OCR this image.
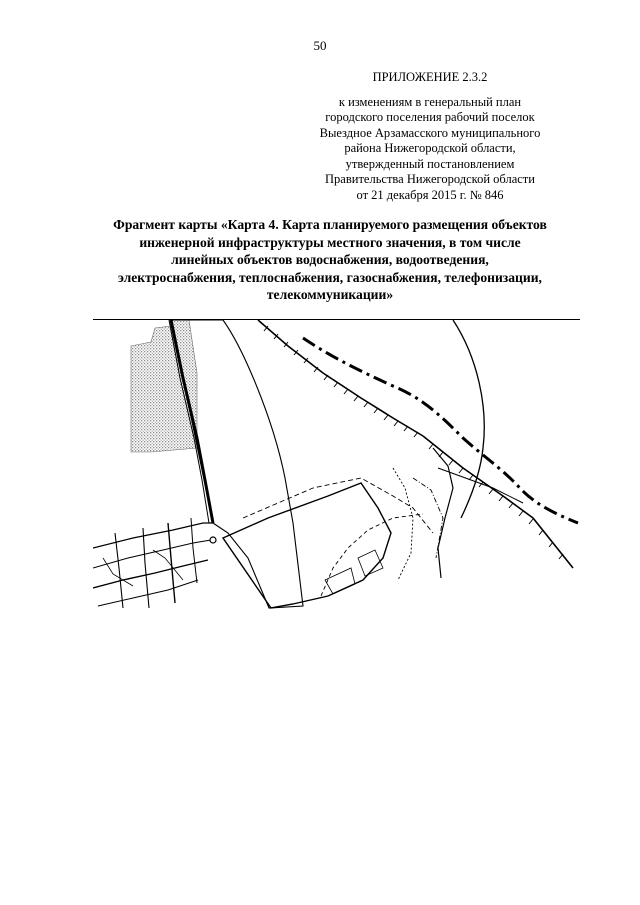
50
ПРИЛОЖЕНИЕ 2.3.2
к изменениям в генеральный план
городского поселения рабочий поселок
Выездное Арзамасского муниципального
района Нижегородской области,
утвержденный постановлением
Правительства Нижегородской области
от 21 декабря 2015 г. № 846
Фрагмент карты «Карта 4. Карта планируемого размещения объектов
инженерной инфраструктуры местного значения, в том числе
линейных объектов водоснабжения, водоотведения,
электроснабжения, теплоснабжения, газоснабжения, телефонизации,
телекоммуникации»
